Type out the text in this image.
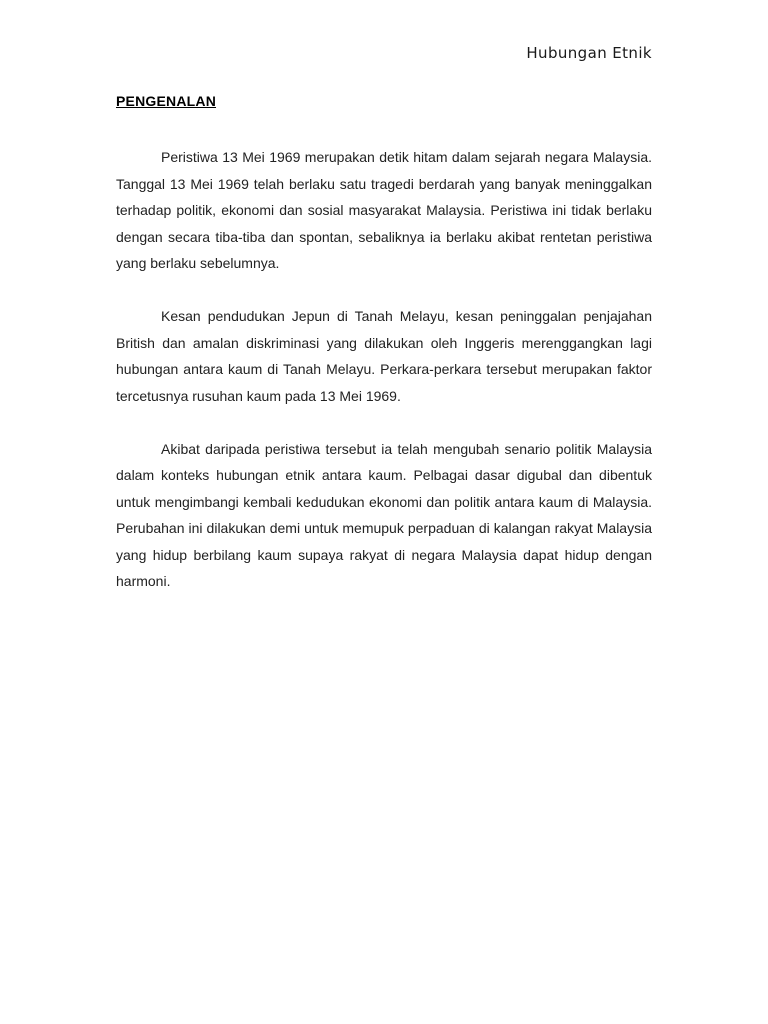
Hubungan Etnik
PENGENALAN

Peristiwa 13 Mei 1969 merupakan detik hitam dalam sejarah negara Malaysia. Tanggal 13 Mei 1969 telah berlaku satu tragedi berdarah yang banyak meninggalkan terhadap politik, ekonomi dan sosial masyarakat Malaysia. Peristiwa ini tidak berlaku dengan secara tiba-tiba dan spontan, sebaliknya ia berlaku akibat rentetan peristiwa yang berlaku sebelumnya.

Kesan pendudukan Jepun di Tanah Melayu, kesan peninggalan penjajahan British dan amalan diskriminasi yang dilakukan oleh Inggeris merenggangkan lagi hubungan antara kaum di Tanah Melayu. Perkara-perkara tersebut merupakan faktor tercetusnya rusuhan kaum pada 13 Mei 1969.

Akibat daripada peristiwa tersebut ia telah mengubah senario politik Malaysia dalam konteks hubungan etnik antara kaum. Pelbagai dasar digubal dan dibentuk untuk mengimbangi kembali kedudukan ekonomi dan politik antara kaum di Malaysia. Perubahan ini dilakukan demi untuk memupuk perpaduan di kalangan rakyat Malaysia yang hidup berbilang kaum supaya rakyat di negara Malaysia dapat hidup dengan harmoni.
